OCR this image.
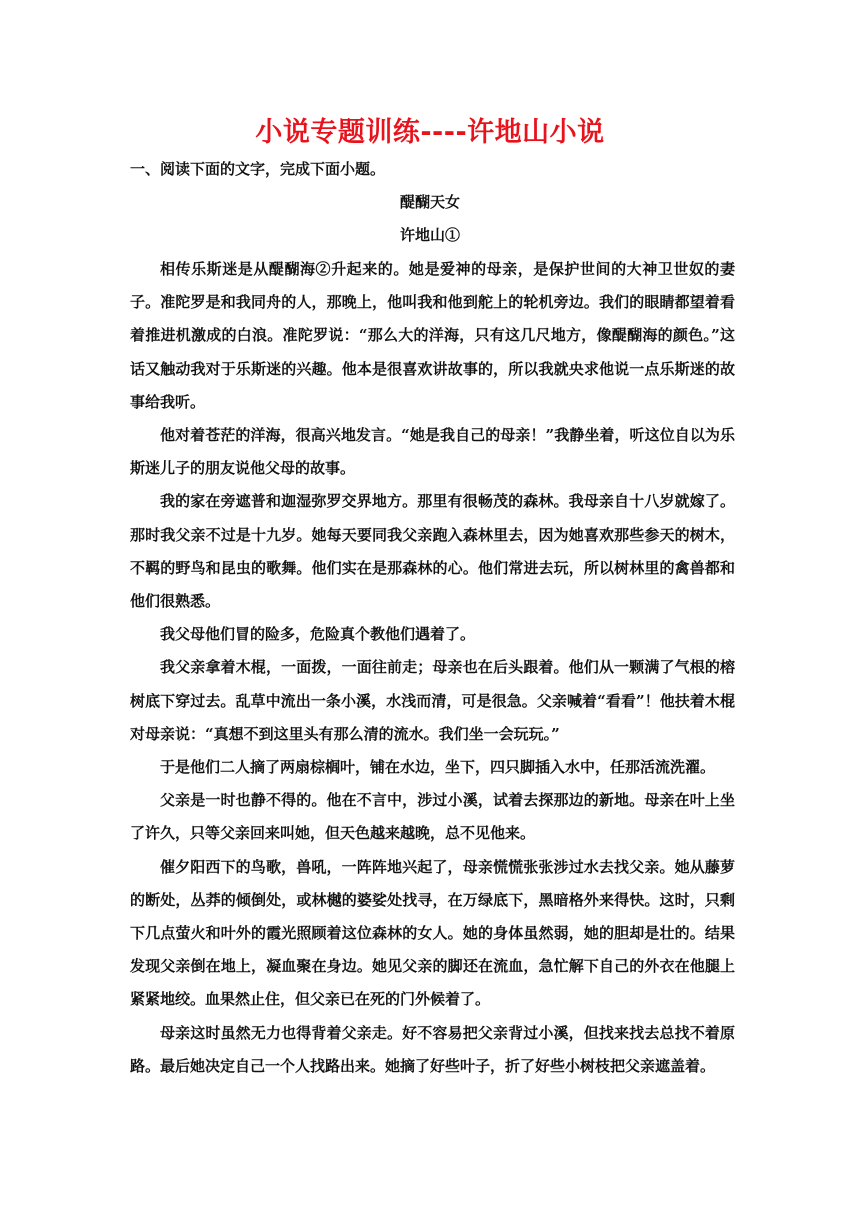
小说专题训练----许地山小说
一、阅读下面的文字，完成下面小题。
醍醐天女
许地山①

相传乐斯迷是从醍醐海②升起来的。她是爱神的母亲，是保护世间的大神卫世奴的妻子。准陀罗是和我同舟的人，那晚上，他叫我和他到舵上的轮机旁边。我们的眼睛都望着看着推进机激成的白浪。准陀罗说：“那么大的洋海，只有这几尺地方，像醍醐海的颜色。”这话又触动我对于乐斯迷的兴趣。他本是很喜欢讲故事的，所以我就央求他说一点乐斯迷的故事给我听。

他对着苍茫的洋海，很高兴地发言。“她是我自己的母亲！”我静坐着，听这位自以为乐斯迷儿子的朋友说他父母的故事。

我的家在旁遮普和迦湿弥罗交界地方。那里有很畅茂的森林。我母亲自十八岁就嫁了。那时我父亲不过是十九岁。她每天要同我父亲跑入森林里去，因为她喜欢那些参天的树木，不羁的野鸟和昆虫的歌舞。他们实在是那森林的心。他们常进去玩，所以树林里的禽兽都和他们很熟悉。

我父母他们冒的险多，危险真个教他们遇着了。

我父亲拿着木棍，一面拨，一面往前走；母亲也在后头跟着。他们从一颗满了气根的榕树底下穿过去。乱草中流出一条小溪，水浅而清，可是很急。父亲喊着“看看”！他扶着木棍对母亲说：“真想不到这里头有那么清的流水。我们坐一会玩玩。”

于是他们二人摘了两扇棕榈叶，铺在水边，坐下，四只脚插入水中，任那活流洗濯。

父亲是一时也静不得的。他在不言中，涉过小溪，试着去探那边的新地。母亲在叶上坐了许久，只等父亲回来叫她，但天色越来越晚，总不见他来。

催夕阳西下的鸟歌，兽吼，一阵阵地兴起了，母亲慌慌张张涉过水去找父亲。她从藤萝的断处，丛莽的倾倒处，或林樾的婆娑处找寻，在万绿底下，黑暗格外来得快。这时，只剩下几点萤火和叶外的霞光照顾着这位森林的女人。她的身体虽然弱，她的胆却是壮的。结果发现父亲倒在地上，凝血聚在身边。她见父亲的脚还在流血，急忙解下自己的外衣在他腿上紧紧地绞。血果然止住，但父亲已在死的门外候着了。

母亲这时虽然无力也得背着父亲走。好不容易把父亲背过小溪，但找来找去总找不着原路。最后她决定自己一个人找路出来。她摘了好些叶子，折了好些小树枝把父亲遮盖着。
